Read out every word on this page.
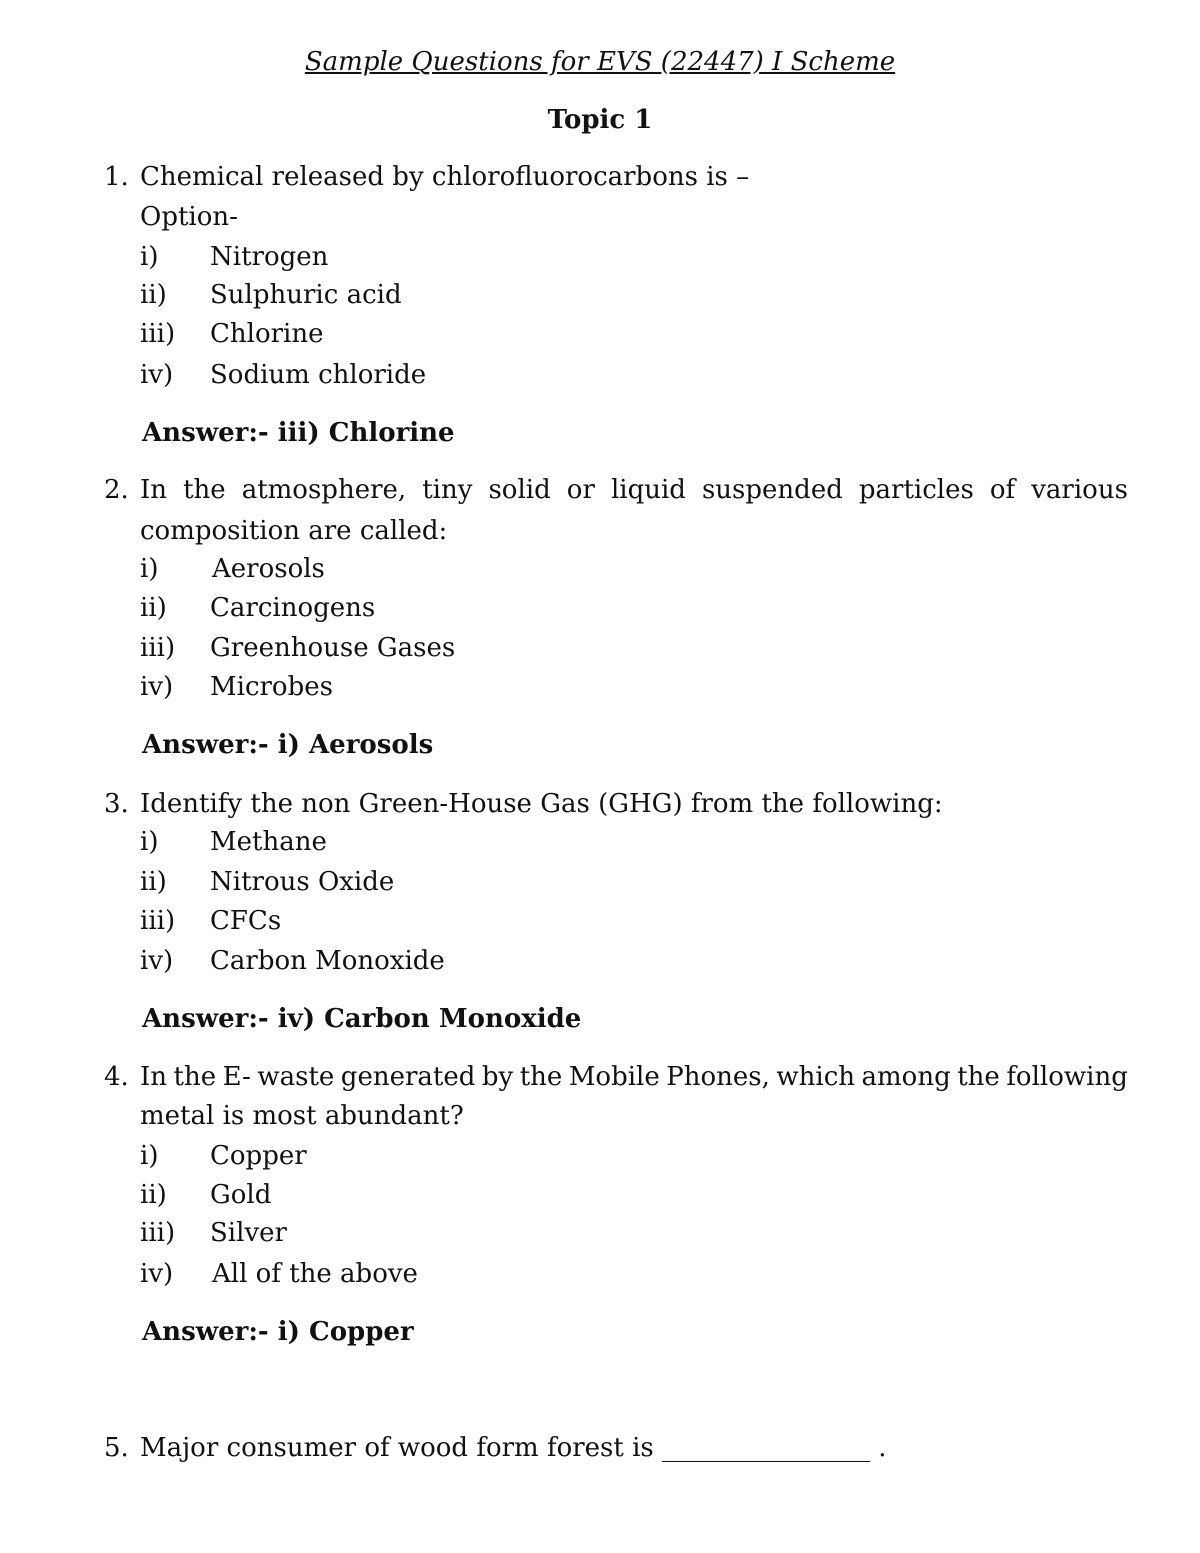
Sample Questions for EVS (22447) I Scheme
Topic 1
1. Chemical released by chlorofluorocarbons is –
Option-
i) Nitrogen
ii) Sulphuric acid
iii) Chlorine
iv) Sodium chloride
Answer:- iii) Chlorine
2. In the atmosphere, tiny solid or liquid suspended particles of various
composition are called:
i) Aerosols
ii) Carcinogens
iii) Greenhouse Gases
iv) Microbes
Answer:- i) Aerosols
3. Identify the non Green-House Gas (GHG) from the following:
i) Methane
ii) Nitrous Oxide
iii) CFCs
iv) Carbon Monoxide
Answer:- iv) Carbon Monoxide
4. In the E- waste generated by the Mobile Phones, which among the following
metal is most abundant?
i) Copper
ii) Gold
iii) Silver
iv) All of the above
Answer:- i) Copper
5. Major consumer of wood form forest is ________________ .
